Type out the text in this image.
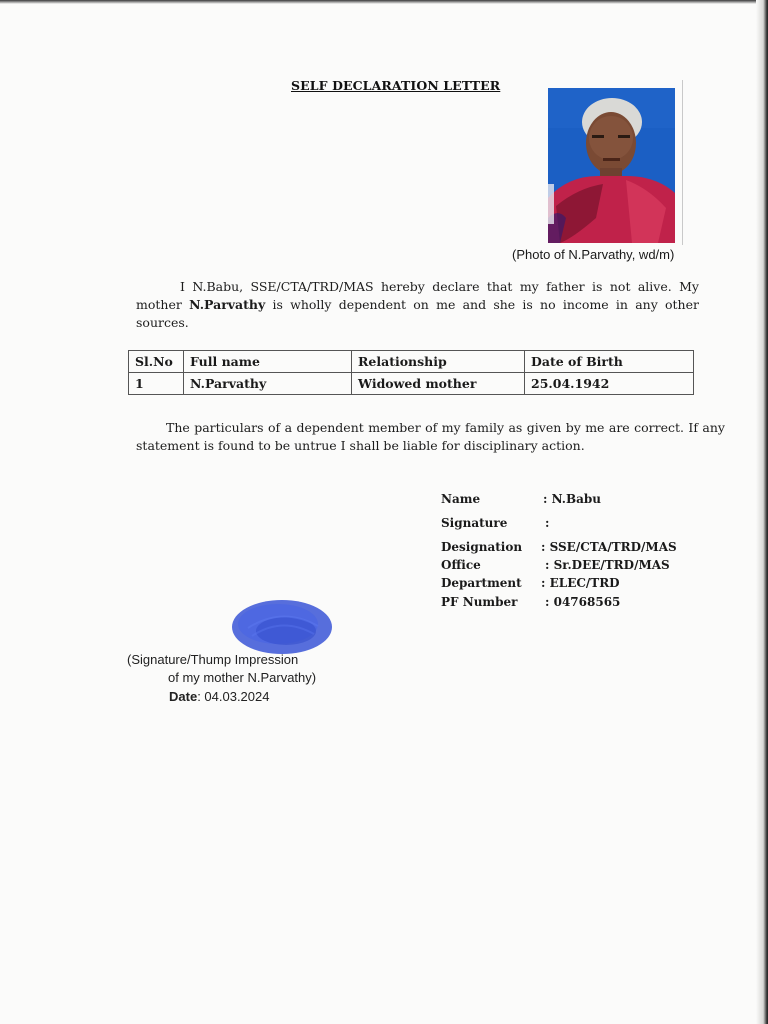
SELF DECLARATION LETTER
(Photo of N.Parvathy, wd/m)
I N.Babu, SSE/CTA/TRD/MAS hereby declare that my father is not alive. My mother N.Parvathy is wholly dependent on me and she is no income in any other sources.
Sl.No	Full name	Relationship	Date of Birth
1	N.Parvathy	Widowed mother	25.04.1942
The particulars of a dependent member of my family as given by me are correct. If any statement is found to be untrue I shall be liable for disciplinary action.
Name	: N.Babu
Signature	:
Designation : SSE/CTA/TRD/MAS
Office	: Sr.DEE/TRD/MAS
Department : ELEC/TRD
PF Number : 04768565
(Signature/Thump Impression
of my mother N.Parvathy)
Date: 04.03.2024
